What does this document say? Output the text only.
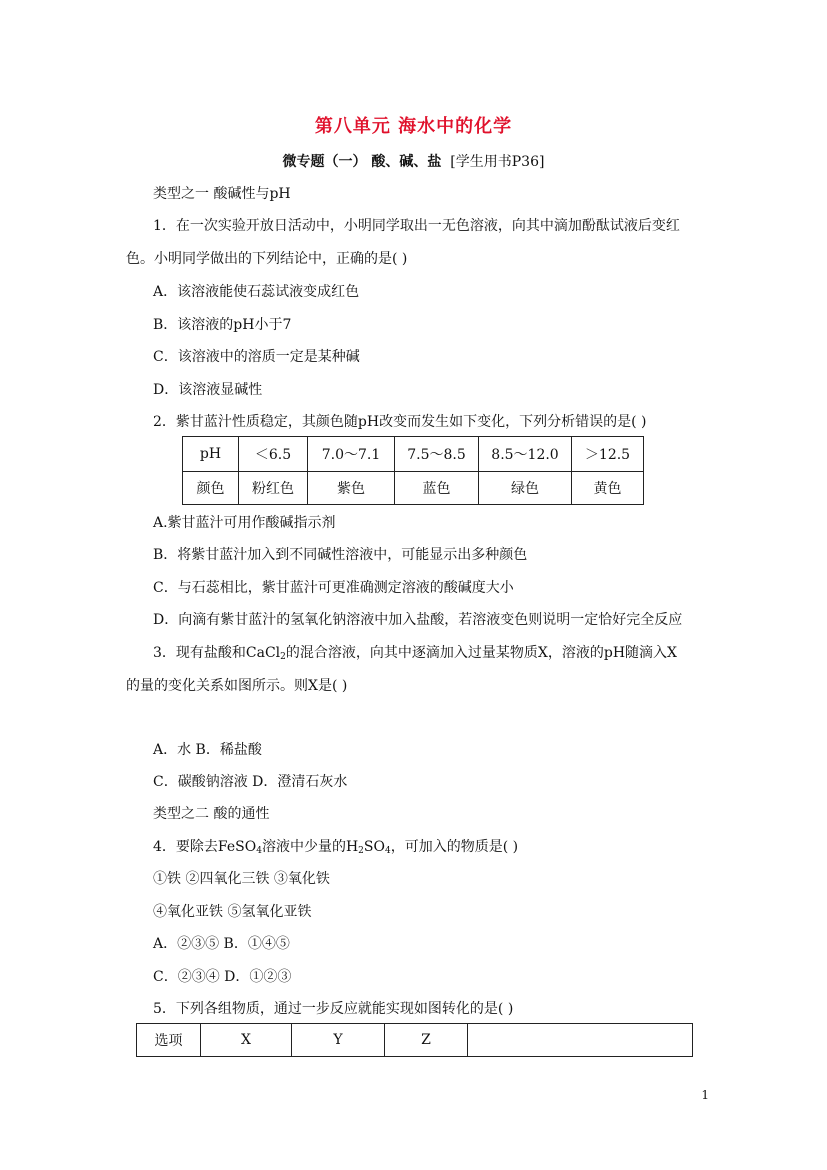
第八单元 海水中的化学
微专题（一） 酸、碱、盐 [学生用书P36]
类型之一 酸碱性与pH
1．在一次实验开放日活动中，小明同学取出一无色溶液，向其中滴加酚酞试液后变红
色。小明同学做出的下列结论中，正确的是( )
A．该溶液能使石蕊试液变成红色
B．该溶液的pH小于7
C．该溶液中的溶质一定是某种碱
D．该溶液显碱性
2．紫甘蓝汁性质稳定，其颜色随pH改变而发生如下变化，下列分析错误的是( )
pH	＜6.5	7.0～7.1	7.5～8.5	8.5～12.0	＞12.5
颜色	粉红色	紫色	蓝色	绿色	黄色
A.紫甘蓝汁可用作酸碱指示剂
B．将紫甘蓝汁加入到不同碱性溶液中，可能显示出多种颜色
C．与石蕊相比，紫甘蓝汁可更准确测定溶液的酸碱度大小
D．向滴有紫甘蓝汁的氢氧化钠溶液中加入盐酸，若溶液变色则说明一定恰好完全反应
3．现有盐酸和CaCl$_2$的混合溶液，向其中逐滴加入过量某物质X，溶液的pH随滴入X
的量的变化关系如图所示。则X是( )
A．水 B．稀盐酸
C．碳酸钠溶液 D．澄清石灰水
类型之二 酸的通性
4．要除去FeSO$_4$溶液中少量的$H_2SO_4$，可加入的物质是( )
①铁 ②四氧化三铁 ③氧化铁
④氧化亚铁 ⑤氢氧化亚铁
A．②③⑤ B．①④⑤
C．②③④ D．①②③
5．下列各组物质，通过一步反应就能实现如图转化的是( )
选项	X	Y	Z	
1
